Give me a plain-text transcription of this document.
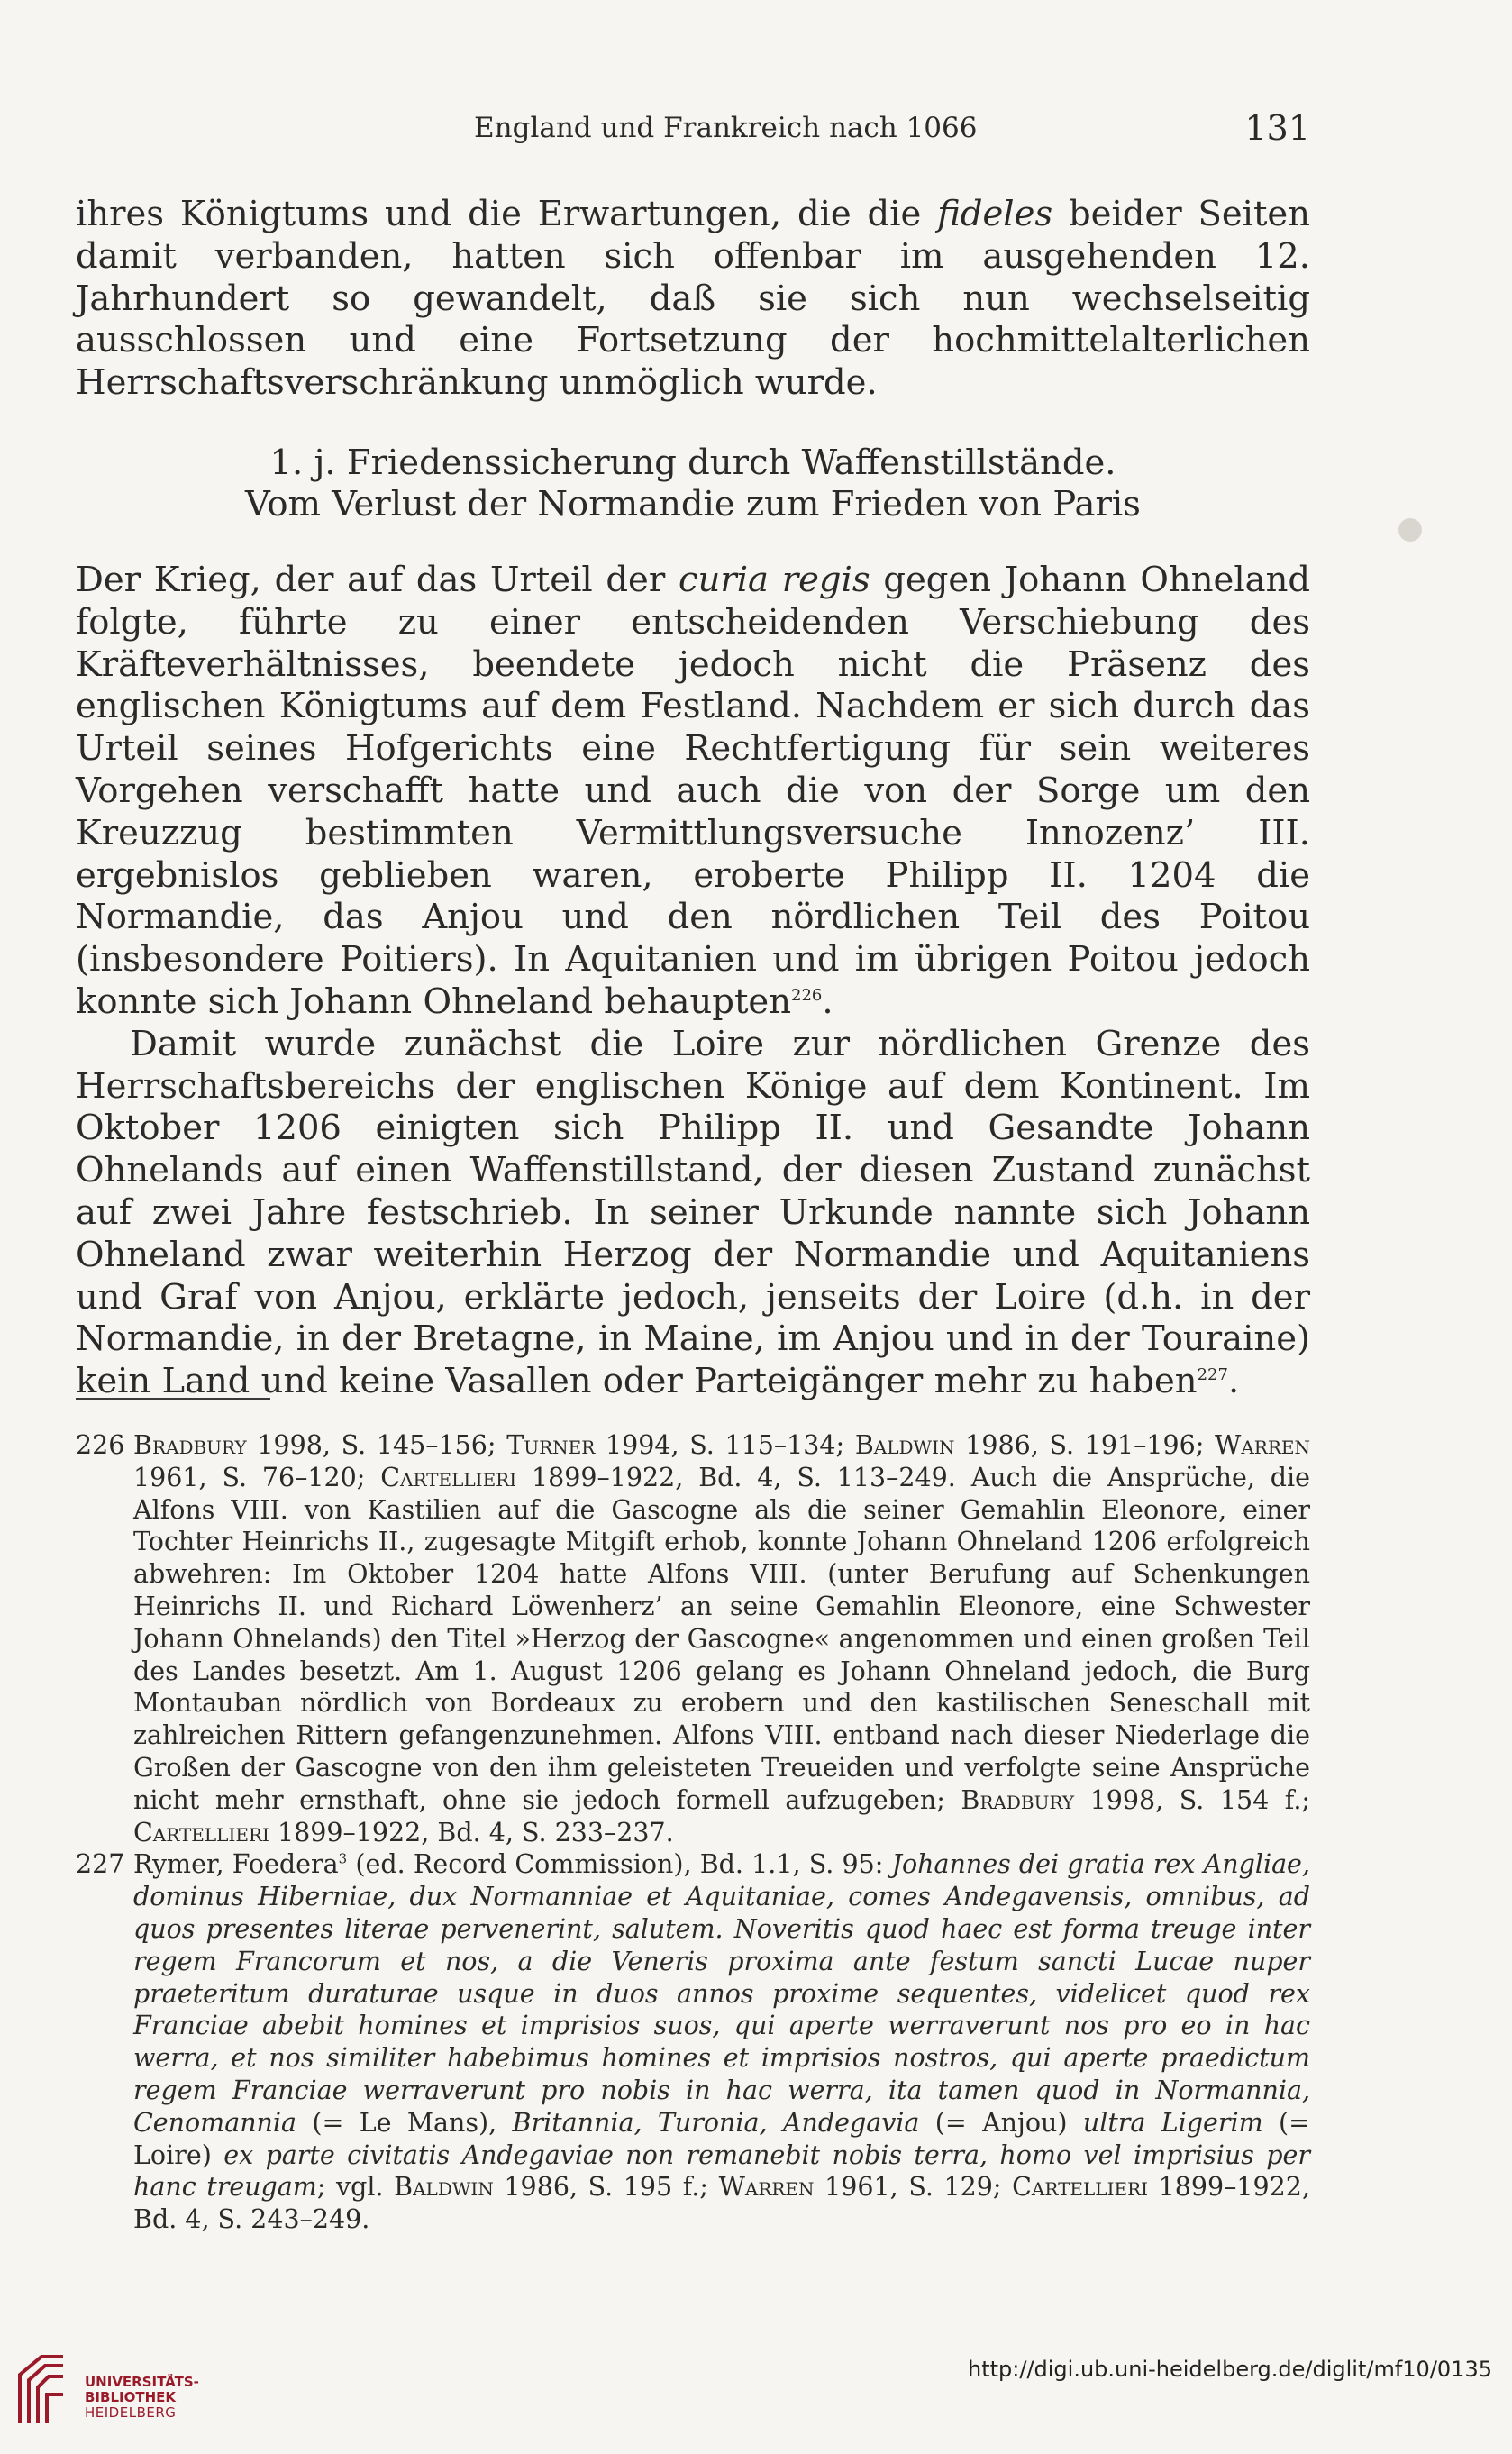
England und Frankreich nach 1066	131

ihres Königtums und die Erwartungen, die die fideles beider Seiten damit verbanden, hatten sich offenbar im ausgehenden 12. Jahrhundert so gewandelt, daß sie sich nun wechselseitig ausschlossen und eine Fortsetzung der hochmittelalterlichen Herrschaftsverschränkung unmöglich wurde.

1. j. Friedenssicherung durch Waffenstillstände.
Vom Verlust der Normandie zum Frieden von Paris

Der Krieg, der auf das Urteil der curia regis gegen Johann Ohneland folgte, führte zu einer entscheidenden Verschiebung des Kräfteverhältnisses, beendete jedoch nicht die Präsenz des englischen Königtums auf dem Festland. Nachdem er sich durch das Urteil seines Hofgerichts eine Rechtfertigung für sein weiteres Vorgehen verschafft hatte und auch die von der Sorge um den Kreuzzug bestimmten Vermittlungsversuche Innozenz’ III. ergebnislos geblieben waren, eroberte Philipp II. 1204 die Normandie, das Anjou und den nördlichen Teil des Poitou (insbesondere Poitiers). In Aquitanien und im übrigen Poitou jedoch konnte sich Johann Ohneland behaupten$^{226}$.

Damit wurde zunächst die Loire zur nördlichen Grenze des Herrschaftsbereichs der englischen Könige auf dem Kontinent. Im Oktober 1206 einigten sich Philipp II. und Gesandte Johann Ohnelands auf einen Waffenstillstand, der diesen Zustand zunächst auf zwei Jahre festschrieb. In seiner Urkunde nannte sich Johann Ohneland zwar weiterhin Herzog der Normandie und Aquitaniens und Graf von Anjou, erklärte jedoch, jenseits der Loire (d.h. in der Normandie, in der Bretagne, in Maine, im Anjou und in der Touraine) kein Land und keine Vasallen oder Parteigänger mehr zu haben$^{227}$.

226 Bradbury 1998, S. 145–156; Turner 1994, S. 115–134; Baldwin 1986, S. 191–196; Warren 1961, S. 76–120; Cartellieri 1899–1922, Bd. 4, S. 113–249. Auch die Ansprüche, die Alfons VIII. von Kastilien auf die Gascogne als die seiner Gemahlin Eleonore, einer Tochter Heinrichs II., zugesagte Mitgift erhob, konnte Johann Ohneland 1206 erfolgreich abwehren: Im Oktober 1204 hatte Alfons VIII. (unter Berufung auf Schenkungen Heinrichs II. und Richard Löwenherz’ an seine Gemahlin Eleonore, eine Schwester Johann Ohnelands) den Titel »Herzog der Gascogne« angenommen und einen großen Teil des Landes besetzt. Am 1. August 1206 gelang es Johann Ohneland jedoch, die Burg Montauban nördlich von Bordeaux zu erobern und den kastilischen Seneschall mit zahlreichen Rittern gefangenzunehmen. Alfons VIII. entband nach dieser Niederlage die Großen der Gascogne von den ihm geleisteten Treueiden und verfolgte seine Ansprüche nicht mehr ernsthaft, ohne sie jedoch formell aufzugeben; Bradbury 1998, S. 154 f.; Cartellieri 1899–1922, Bd. 4, S. 233–237.

227 Rymer, Foedera$^3$ (ed. Record Commission), Bd. 1.1, S. 95: Johannes dei gratia rex Angliae, dominus Hiberniae, dux Normanniae et Aquitaniae, comes Andegavensis, omnibus, ad quos presentes literae pervenerint, salutem. Noveritis quod haec est forma treuge inter regem Francorum et nos, a die Veneris proxima ante festum sancti Lucae nuper praeteritum duraturae usque in duos annos proxime sequentes, videlicet quod rex Franciae abebit homines et imprisios suos, qui aperte werraverunt nos pro eo in hac werra, et nos similiter habebimus homines et imprisios nostros, qui aperte praedictum regem Franciae werraverunt pro nobis in hac werra, ita tamen quod in Normannia, Cenomannia (= Le Mans), Britannia, Turonia, Andegavia (= Anjou) ultra Ligerim (= Loire) ex parte civitatis Andegaviae non remanebit nobis terra, homo vel imprisius per hanc treugam; vgl. Baldwin 1986, S. 195 f.; Warren 1961, S. 129; Cartellieri 1899–1922, Bd. 4, S. 243–249.

UNIVERSITÄTS-
BIBLIOTHEK
HEIDELBERG
http://digi.ub.uni-heidelberg.de/diglit/mf10/0135
